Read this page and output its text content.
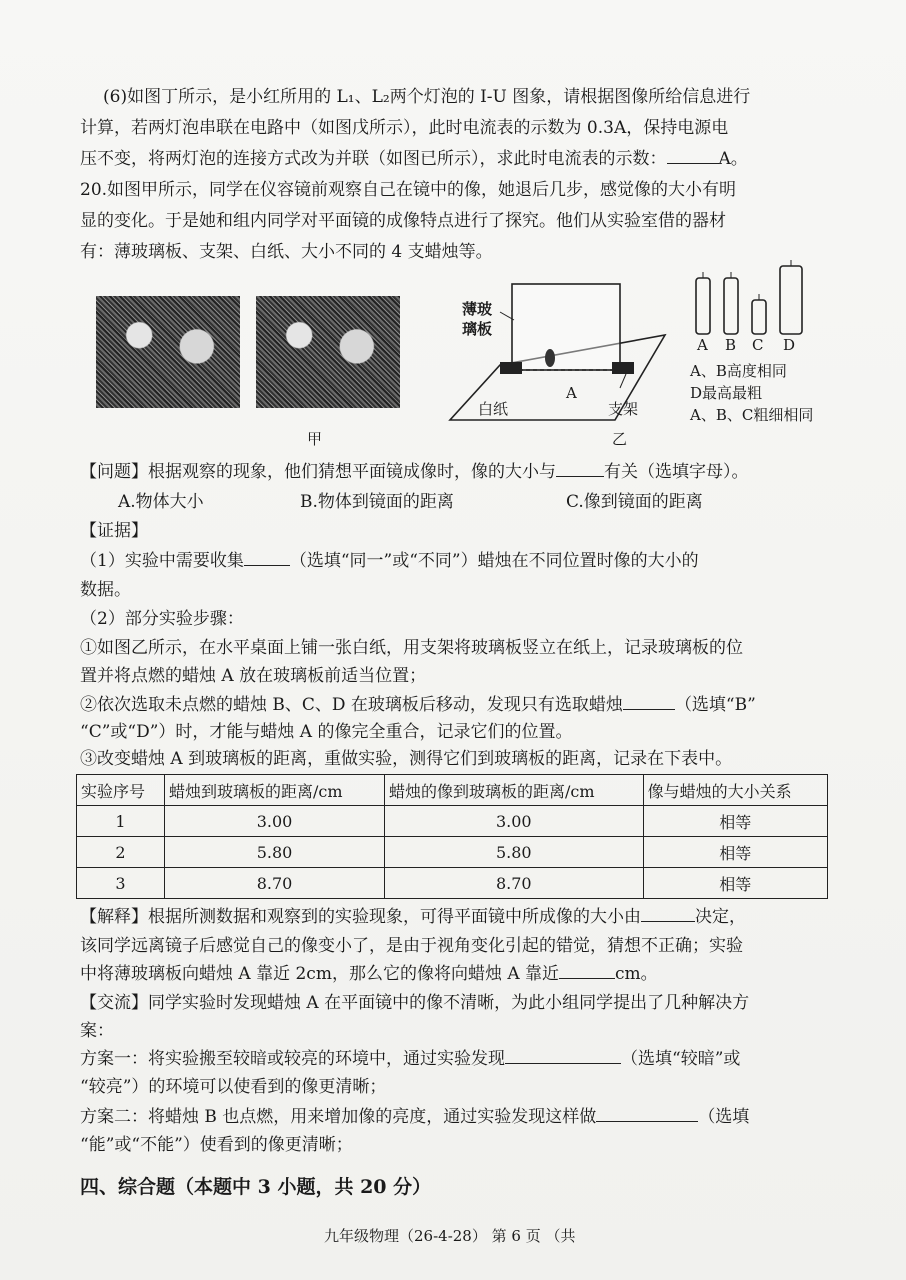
(6)如图丁所示，是小红所用的 L₁、L₂两个灯泡的 I-U 图象，请根据图像所给信息进行
计算，若两灯泡串联在电路中（如图戊所示），此时电流表的示数为 0.3A，保持电源电
压不变，将两灯泡的连接方式改为并联（如图已所示），求此时电流表的示数：	A。
20.如图甲所示，同学在仪容镜前观察自己在镜中的像，她退后几步，感觉像的大小有明
显的变化。于是她和组内同学对平面镜的成像特点进行了探究。他们从实验室借的器材
有：薄玻璃板、支架、白纸、大小不同的 4 支蜡烛等。
甲
薄玻
璃板
白纸
A
支架
乙
A B C D
A、B高度相同
D最高最粗
A、B、C粗细相同
【问题】根据观察的现象，他们猜想平面镜成像时，像的大小与	有关（选填字母）。
A.物体大小	B.物体到镜面的距离	C.像到镜面的距离
【证据】
（1）实验中需要收集	（选填“同一”或“不同”）蜡烛在不同位置时像的大小的
数据。
（2）部分实验步骤：
①如图乙所示，在水平桌面上铺一张白纸，用支架将玻璃板竖立在纸上，记录玻璃板的位
置并将点燃的蜡烛 A 放在玻璃板前适当位置；
②依次选取未点燃的蜡烛 B、C、D 在玻璃板后移动，发现只有选取蜡烛	（选填“B”
“C”或“D”）时，才能与蜡烛 A 的像完全重合，记录它们的位置。
③改变蜡烛 A 到玻璃板的距离，重做实验，测得它们到玻璃板的距离，记录在下表中。
实验序号	蜡烛到玻璃板的距离/cm	蜡烛的像到玻璃板的距离/cm	像与蜡烛的大小关系
1	3.00	3.00	相等
2	5.80	5.80	相等
3	8.70	8.70	相等
【解释】根据所测数据和观察到的实验现象，可得平面镜中所成像的大小由	决定，
该同学远离镜子后感觉自己的像变小了，是由于视角变化引起的错觉，猜想不正确；实验
中将薄玻璃板向蜡烛 A 靠近 2cm，那么它的像将向蜡烛 A 靠近	cm。
【交流】同学实验时发现蜡烛 A 在平面镜中的像不清晰，为此小组同学提出了几种解决方
案：
方案一：将实验搬至较暗或较亮的环境中，通过实验发现	（选填“较暗”或
“较亮”）的环境可以使看到的像更清晰；
方案二：将蜡烛 B 也点燃，用来增加像的亮度，通过实验发现这样做	（选填
“能”或“不能”）使看到的像更清晰；
四、综合题（本题中 3 小题，共 20 分）
九年级物理（26-4-28） 第 6 页 （共
